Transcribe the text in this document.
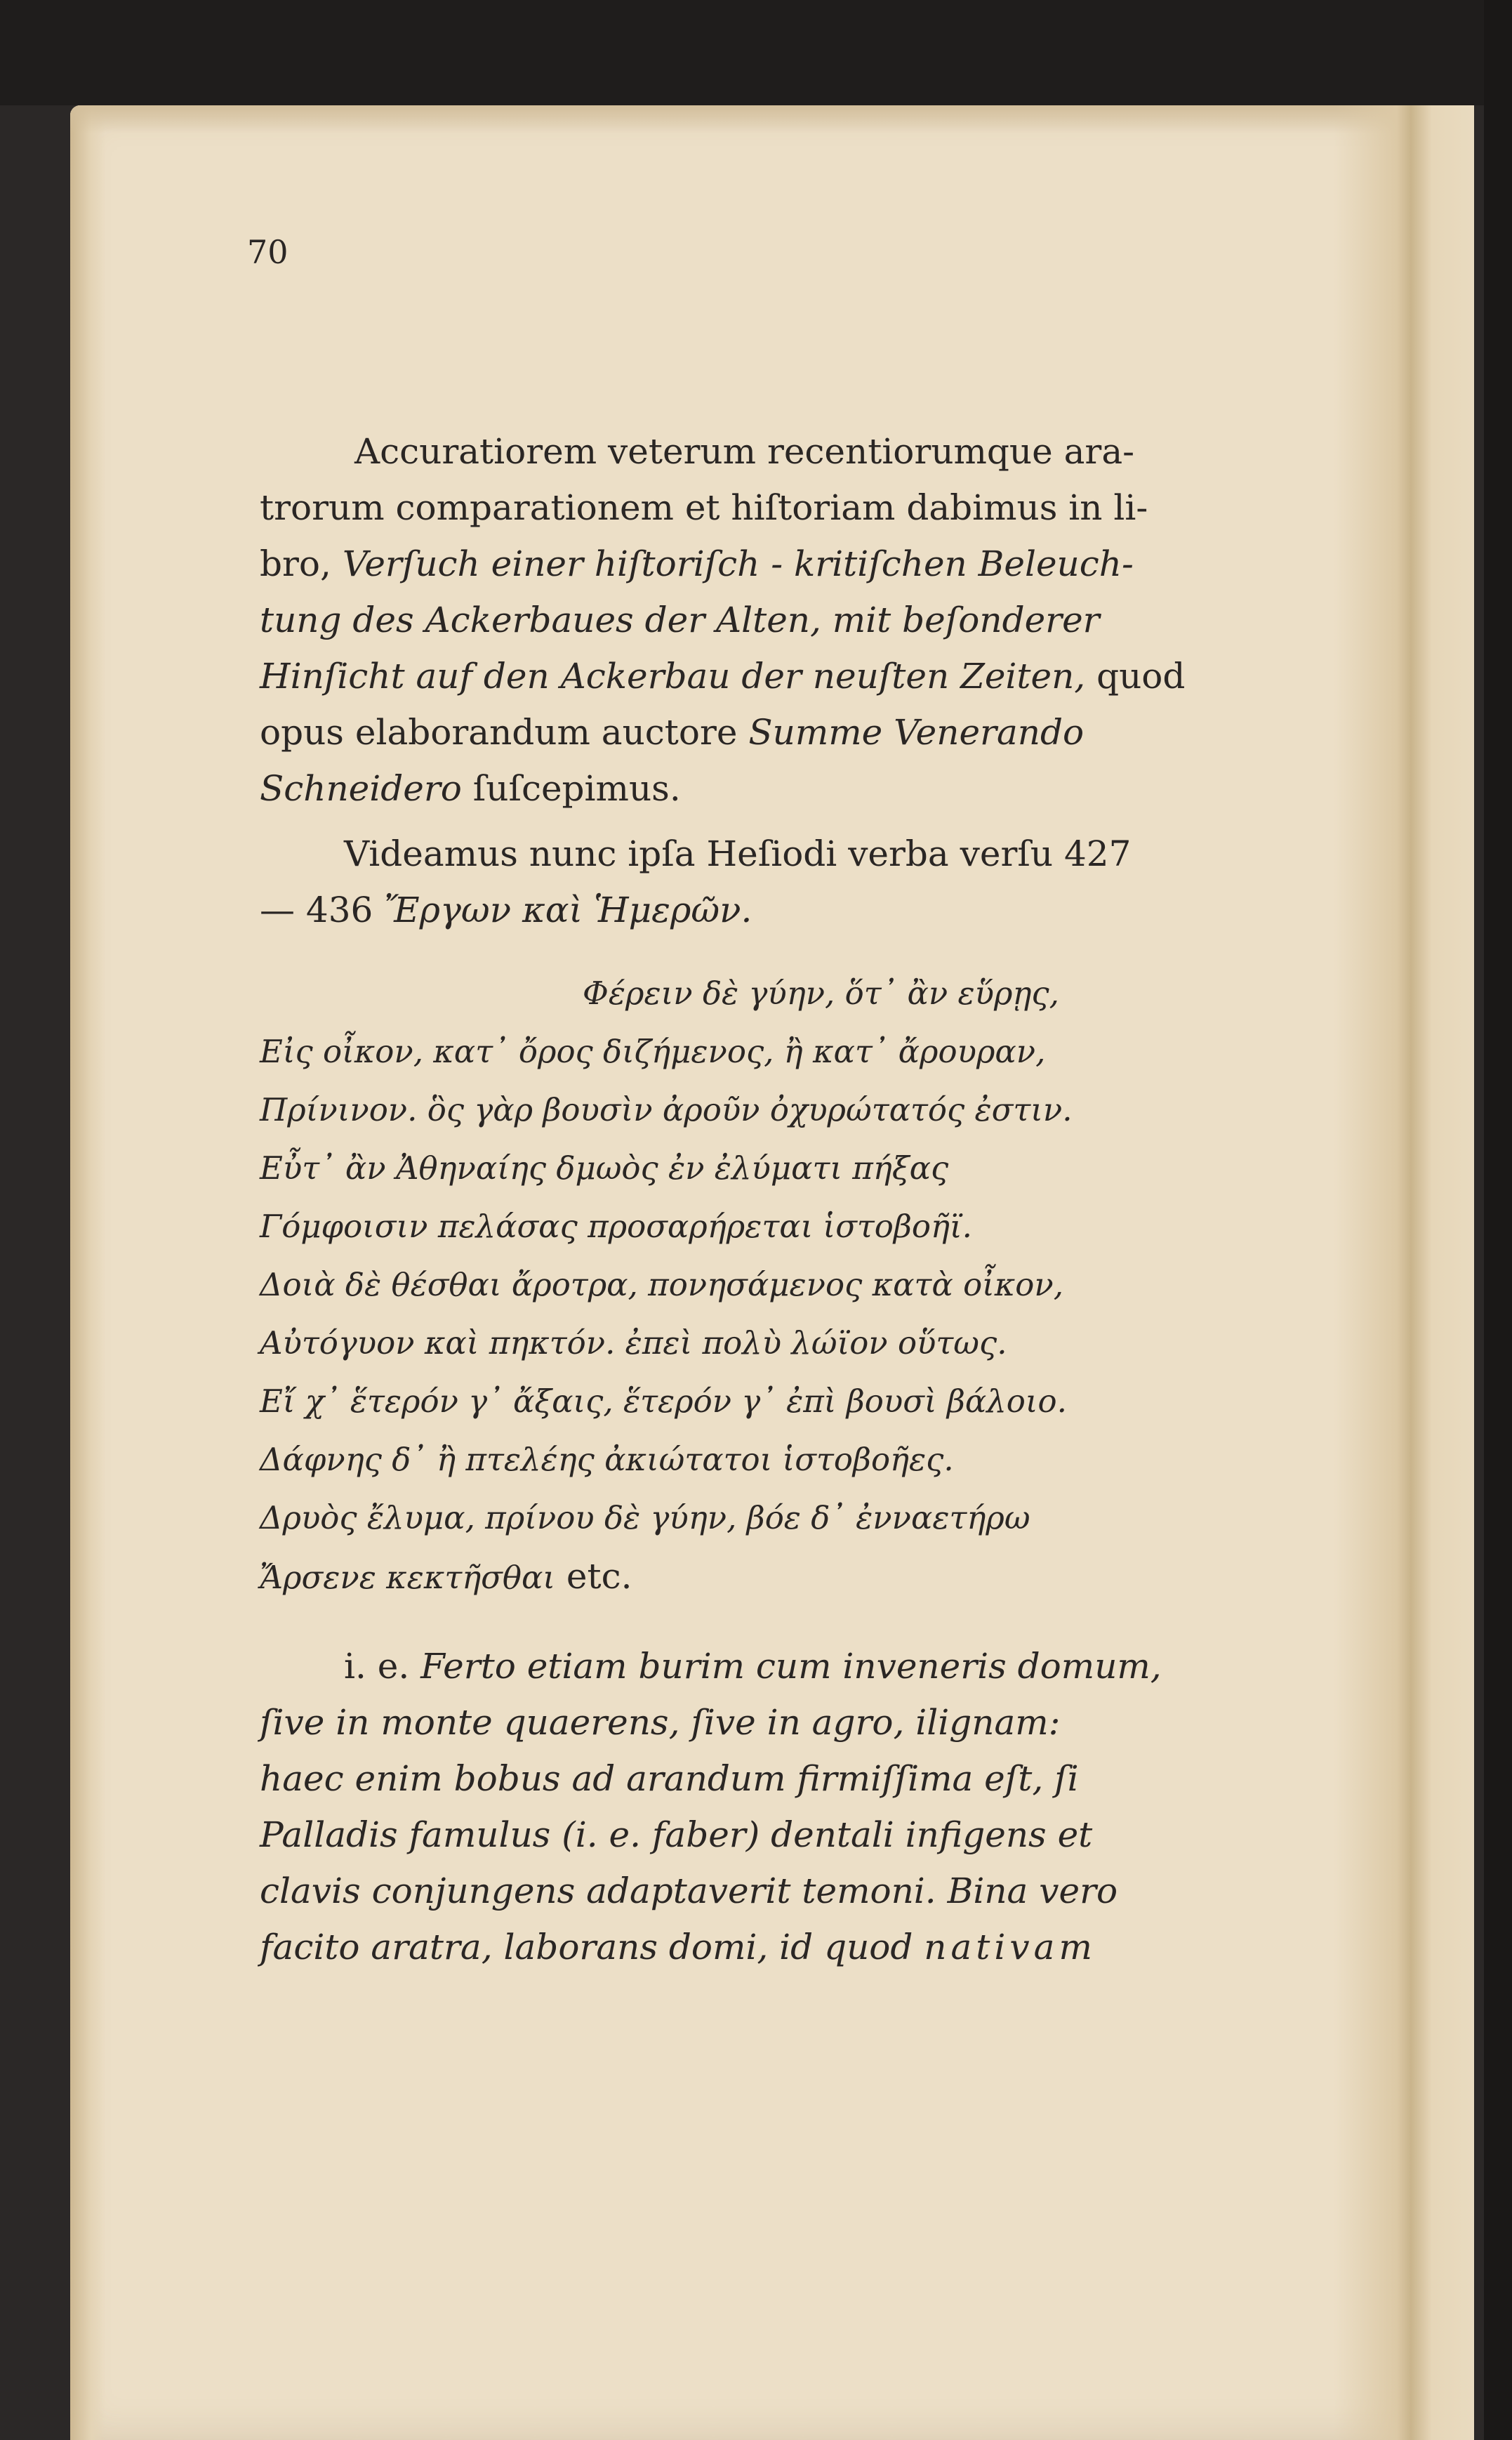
70
Accuratiorem veterum recentiorumque ara-
trorum comparationem et hiſtoriam dabimus in li-
bro, Verſuch einer hiſtoriſch - kritiſchen Beleuch-
tung des Ackerbaues der Alten, mit beſonderer
Hinſicht auf den Ackerbau der neuſten Zeiten, quod
opus elaborandum auctore Summe Venerando
Schneidero ſuſcepimus.
Videamus nunc ipſa Heſiodi verba verſu 427
— 436 Ἔργων καὶ Ἡμερῶν.
Φέρειν δὲ γύην, ὅτ᾽ ἂν εὕρῃς,
Εἰς οἶκον, κατ᾽ ὄρος διζήμενος, ἢ κατ᾽ ἄρουραν,
Πρίνινον. ὃς γὰρ βουσὶν ἀροῦν ὀχυρώτατός ἐστιν.
Εὖτ᾽ ἂν Ἀθηναίης δμωὸς ἐν ἐλύματι πήξας
Γόμφοισιν πελάσας προσαρήρεται ἱστοβοῆϊ.
Δοιὰ δὲ θέσθαι ἄροτρα, πονησάμενος κατὰ οἶκον,
Αὐτόγυον καὶ πηκτόν. ἐπεὶ πολὺ λώϊον οὕτως.
Εἴ χ᾽ ἕτερόν γ᾽ ἄξαις, ἕτερόν γ᾽ ἐπὶ βουσὶ βάλοιο.
Δάφνης δ᾽ ἢ πτελέης ἀκιώτατοι ἱστοβοῆες.
Δρυὸς ἔλυμα, πρίνου δὲ γύην, βόε δ᾽ ἐνναετήρω
Ἄρσενε κεκτῆσθαι etc.
i. e. Ferto etiam burim cum inveneris domum,
ſive in monte quaerens, ſive in agro, ilignam:
haec enim bobus ad arandum firmiſſima eſt, ſi
Palladis famulus (i. e. faber) dentali infigens et
clavis conjungens adaptaverit temoni. Bina vero
facito aratra, laborans domi, id quod nativam
